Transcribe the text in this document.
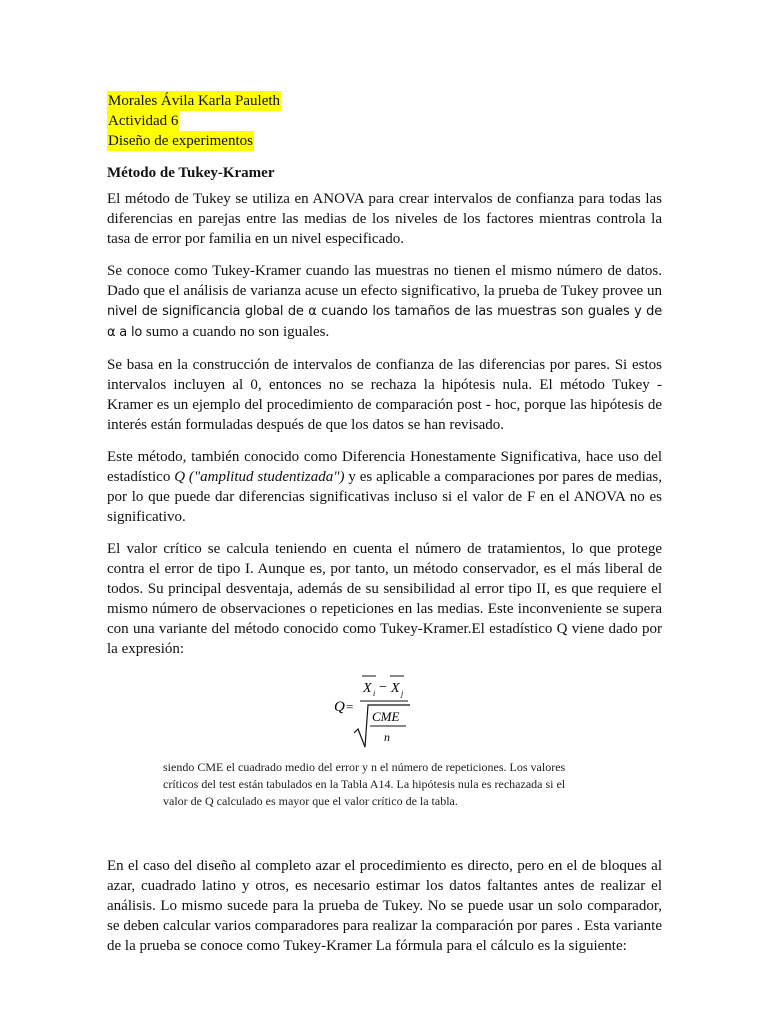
Morales Ávila Karla Pauleth
Actividad 6
Diseño de experimentos
Método de Tukey-Kramer

El método de Tukey se utiliza en ANOVA para crear intervalos de confianza para todas las diferencias en parejas entre las medias de los niveles de los factores mientras controla la tasa de error por familia en un nivel especificado.

Se conoce como Tukey-Kramer cuando las muestras no tienen el mismo número de datos. Dado que el análisis de varianza acuse un efecto significativo, la prueba de Tukey provee un nivel de significancia global de α cuando los tamaños de las muestras son guales y de α a lo sumo a cuando no son iguales.

Se basa en la construcción de intervalos de confianza de las diferencias por pares. Si estos intervalos incluyen al 0, entonces no se rechaza la hipótesis nula. El método Tukey - Kramer es un ejemplo del procedimiento de comparación post - hoc, porque las hipótesis de interés están formuladas después de que los datos se han revisado.

Este método, también conocido como Diferencia Honestamente Significativa, hace uso del estadístico Q ("amplitud studentizada") y es aplicable a comparaciones por pares de medias, por lo que puede dar diferencias significativas incluso si el valor de F en el ANOVA no es significativo.

El valor crítico se calcula teniendo en cuenta el número de tratamientos, lo que protege contra el error de tipo I. Aunque es, por tanto, un método conservador, es el más liberal de todos. Su principal desventaja, además de su sensibilidad al error tipo II, es que requiere el mismo número de observaciones o repeticiones en las medias. Este inconveniente se supera con una variante del método conocido como Tukey-Kramer.El estadístico Q viene dado por la expresión:

Q =
X i − X j
CME
n
siendo CME el cuadrado medio del error y n el número de repeticiones. Los valores críticos del test están tabulados en la Tabla A14. La hipótesis nula es rechazada si el valor de Q calculado es mayor que el valor crítico de la tabla.

En el caso del diseño al completo azar el procedimiento es directo, pero en el de bloques al azar, cuadrado latino y otros, es necesario estimar los datos faltantes antes de realizar el análisis. Lo mismo sucede para la prueba de Tukey. No se puede usar un solo comparador, se deben calcular varios comparadores para realizar la comparación por pares . Esta variante de la prueba se conoce como Tukey-Kramer La fórmula para el cálculo es la siguiente:
